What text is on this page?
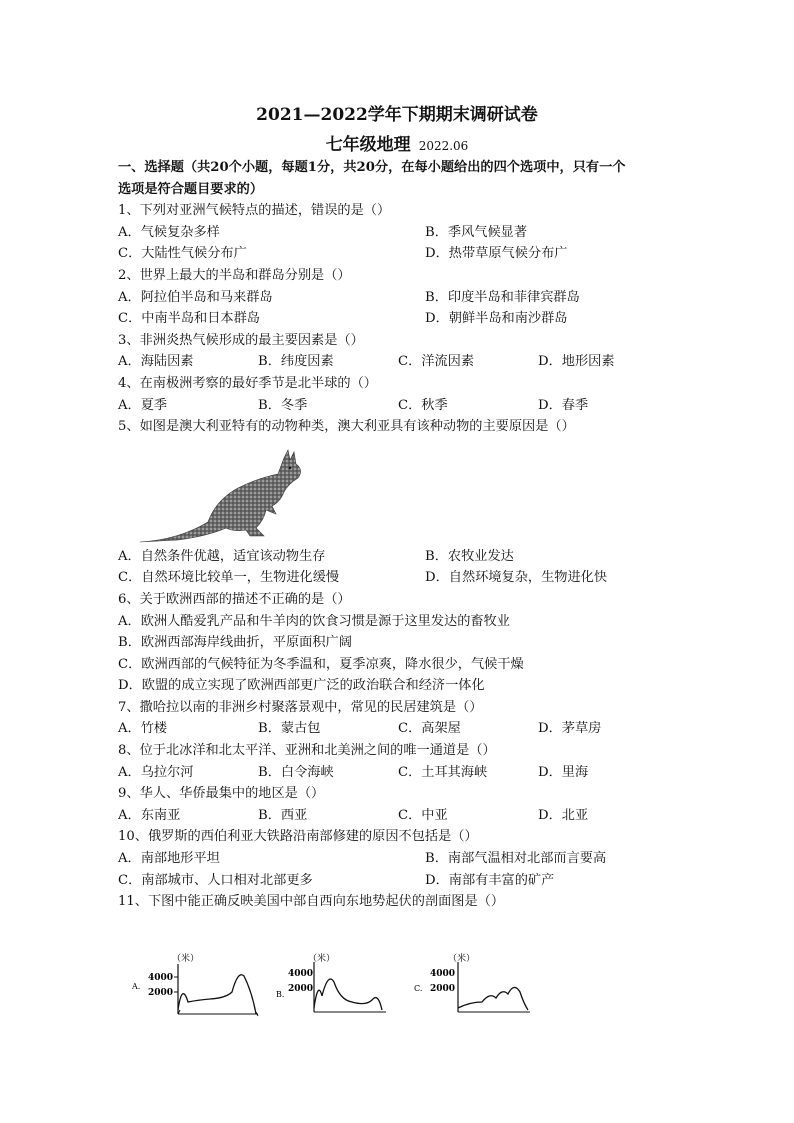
2021—2022学年下期期末调研试卷
七年级地理 2022.06
一、选择题（共20个小题，每题1分，共20分，在每小题给出的四个选项中，只有一个
选项是符合题目要求的）
1、下列对亚洲气候特点的描述，错误的是（）
A．气候复杂多样	B．季风气候显著
C．大陆性气候分布广	D．热带草原气候分布广
2、世界上最大的半岛和群岛分别是（）
A．阿拉伯半岛和马来群岛	B．印度半岛和菲律宾群岛
C．中南半岛和日本群岛	D．朝鲜半岛和南沙群岛
3、非洲炎热气候形成的最主要因素是（）
A．海陆因素	B．纬度因素	C．洋流因素	D．地形因素
4、在南极洲考察的最好季节是北半球的（）
A．夏季	B．冬季	C．秋季	D．春季
5、如图是澳大利亚特有的动物种类，澳大利亚具有该种动物的主要原因是（）
A．自然条件优越，适宜该动物生存	B．农牧业发达
C．自然环境比较单一，生物进化缓慢	D．自然环境复杂，生物进化快
6、关于欧洲西部的描述不正确的是（）
A．欧洲人酷爱乳产品和牛羊肉的饮食习惯是源于这里发达的畜牧业
B．欧洲西部海岸线曲折，平原面积广阔
C．欧洲西部的气候特征为冬季温和，夏季凉爽，降水很少，气候干燥
D．欧盟的成立实现了欧洲西部更广泛的政治联合和经济一体化
7、撒哈拉以南的非洲乡村聚落景观中，常见的民居建筑是（）
A．竹楼	B．蒙古包	C．高架屋	D．茅草房
8、位于北冰洋和北太平洋、亚洲和北美洲之间的唯一通道是（）
A．乌拉尔河	B．白令海峡	C．土耳其海峡	D．里海
9、华人、华侨最集中的地区是（）
A．东南亚	B．西亚	C．中亚	D．北亚
10、俄罗斯的西伯利亚大铁路沿南部修建的原因不包括是（）
A．南部地形平坦	B．南部气温相对北部而言要高
C．南部城市、人口相对北部更多	D．南部有丰富的矿产
11、下图中能正确反映美国中部自西向东地势起伏的剖面图是（）
（米）
4000
2000
A.
（米）
4000
2000
B.
（米）
4000
2000
C.
